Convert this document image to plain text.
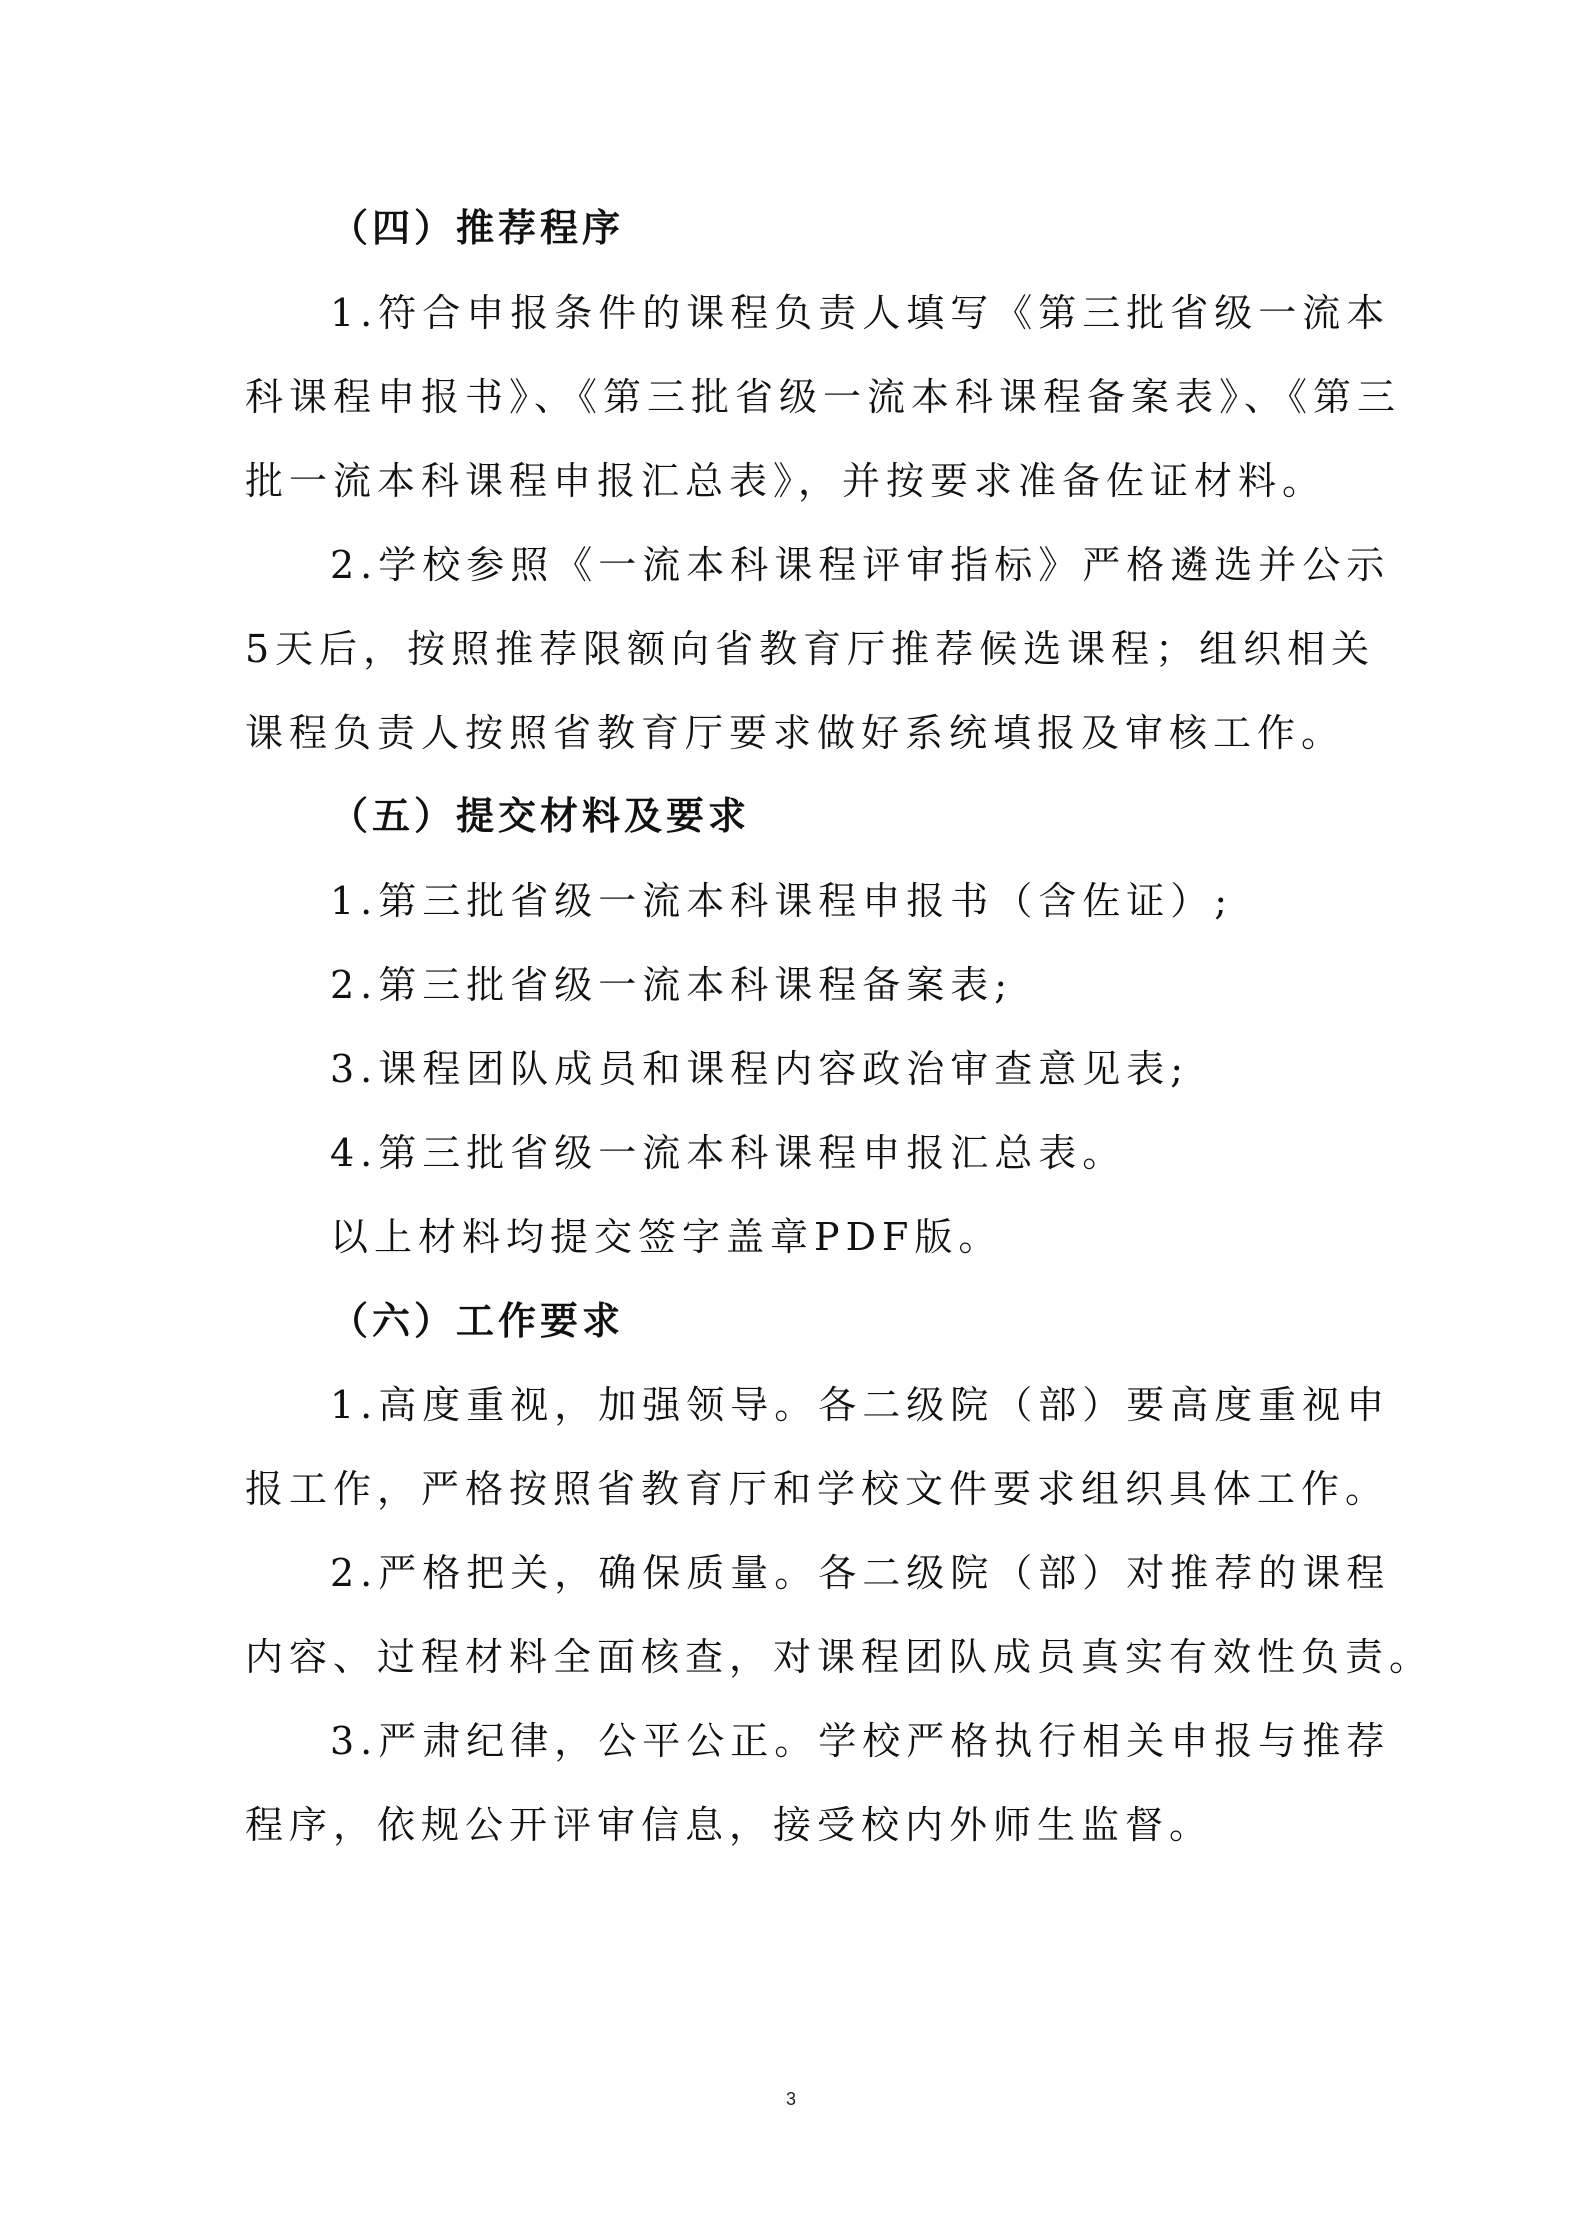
（四）推荐程序
1.符合申报条件的课程负责人填写《第三批省级一流本
科课程申报书》、《第三批省级一流本科课程备案表》、《第三
批一流本科课程申报汇总表》，并按要求准备佐证材料。
2.学校参照《一流本科课程评审指标》严格遴选并公示
5天后，按照推荐限额向省教育厅推荐候选课程；组织相关
课程负责人按照省教育厅要求做好系统填报及审核工作。
（五）提交材料及要求
1.第三批省级一流本科课程申报书（含佐证）;
2.第三批省级一流本科课程备案表;
3.课程团队成员和课程内容政治审查意见表;
4.第三批省级一流本科课程申报汇总表。
以上材料均提交签字盖章PDF版。
（六）工作要求
1.高度重视，加强领导。各二级院（部）要高度重视申
报工作，严格按照省教育厅和学校文件要求组织具体工作。
2.严格把关，确保质量。各二级院（部）对推荐的课程
内容、过程材料全面核查，对课程团队成员真实有效性负责。
3.严肃纪律，公平公正。学校严格执行相关申报与推荐
程序，依规公开评审信息，接受校内外师生监督。
3
